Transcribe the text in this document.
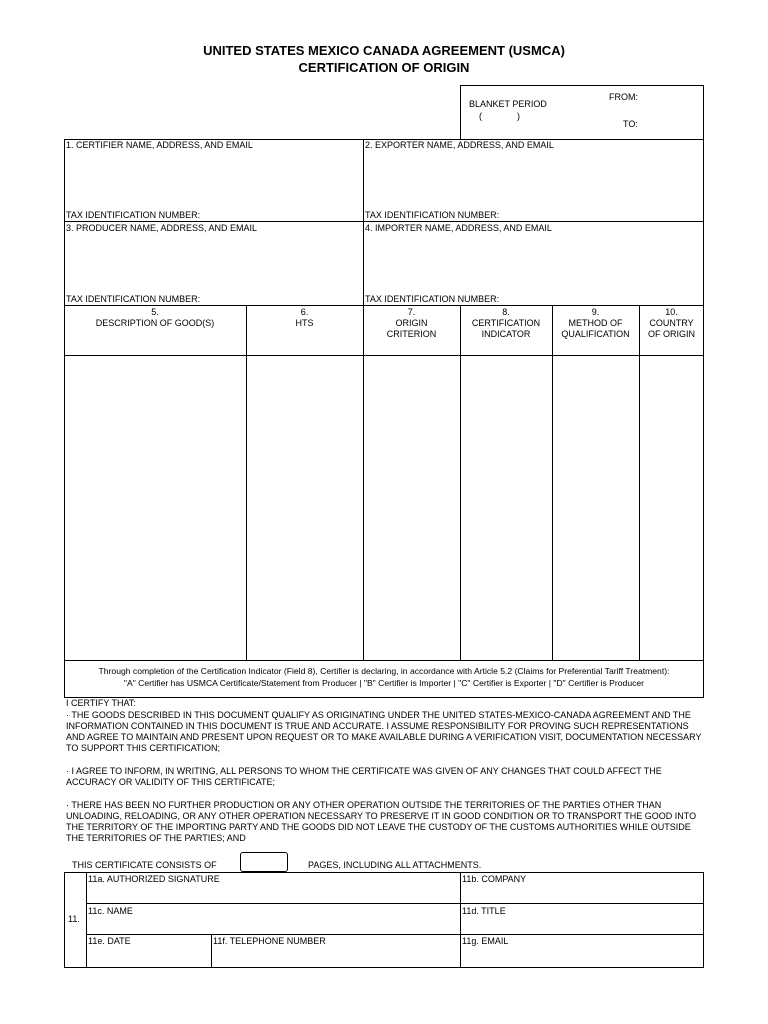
UNITED STATES MEXICO CANADA AGREEMENT (USMCA)
CERTIFICATION OF ORIGIN
BLANKET PERIOD
(              )
FROM:
TO:
1. CERTIFIER NAME, ADDRESS, AND EMAIL
TAX IDENTIFICATION NUMBER:
2. EXPORTER NAME, ADDRESS, AND EMAIL
TAX IDENTIFICATION NUMBER:
3. PRODUCER NAME, ADDRESS, AND EMAIL
TAX IDENTIFICATION NUMBER:
4. IMPORTER NAME, ADDRESS, AND EMAIL
TAX IDENTIFICATION NUMBER:
5.
DESCRIPTION OF GOOD(S)
6.
HTS
7.
ORIGIN
CRITERION
8.
CERTIFICATION
INDICATOR
9.
METHOD OF
QUALIFICATION
10.
COUNTRY
OF ORIGIN
Through completion of the Certification Indicator (Field 8), Certifier is declaring, in accordance with Article 5.2 (Claims for Preferential Tariff Treatment):
"A" Certifier has USMCA Certificate/Statement from Producer | "B" Certifier is Importer | "C" Certifier is Exporter | "D" Certifier is Producer

I CERTIFY THAT:

· THE GOODS DESCRIBED IN THIS DOCUMENT QUALIFY AS ORIGINATING UNDER THE UNITED STATES-MEXICO-CANADA AGREEMENT AND THE INFORMATION CONTAINED IN THIS DOCUMENT IS TRUE AND ACCURATE. I ASSUME RESPONSIBILITY FOR PROVING SUCH REPRESENTATIONS AND AGREE TO MAINTAIN AND PRESENT UPON REQUEST OR TO MAKE AVAILABLE DURING A VERIFICATION VISIT, DOCUMENTATION NECESSARY TO SUPPORT THIS CERTIFICATION;

· I AGREE TO INFORM, IN WRITING, ALL PERSONS TO WHOM THE CERTIFICATE WAS GIVEN OF ANY CHANGES THAT COULD AFFECT THE ACCURACY OR VALIDITY OF THIS CERTIFICATE;

· THERE HAS BEEN NO FURTHER PRODUCTION OR ANY OTHER OPERATION OUTSIDE THE TERRITORIES OF THE PARTIES OTHER THAN UNLOADING, RELOADING, OR ANY OTHER OPERATION NECESSARY TO PRESERVE IT IN GOOD CONDITION OR TO TRANSPORT THE GOOD INTO THE TERRITORY OF THE IMPORTING PARTY AND THE GOODS DID NOT LEAVE THE CUSTODY OF THE CUSTOMS AUTHORITIES WHILE OUTSIDE THE TERRITORIES OF THE PARTIES; AND

THIS CERTIFICATE CONSISTS OF	PAGES, INCLUDING ALL ATTACHMENTS.
11.
11a. AUTHORIZED SIGNATURE	11b. COMPANY
11c. NAME	11d. TITLE
11e. DATE	11f. TELEPHONE NUMBER	11g. EMAIL
